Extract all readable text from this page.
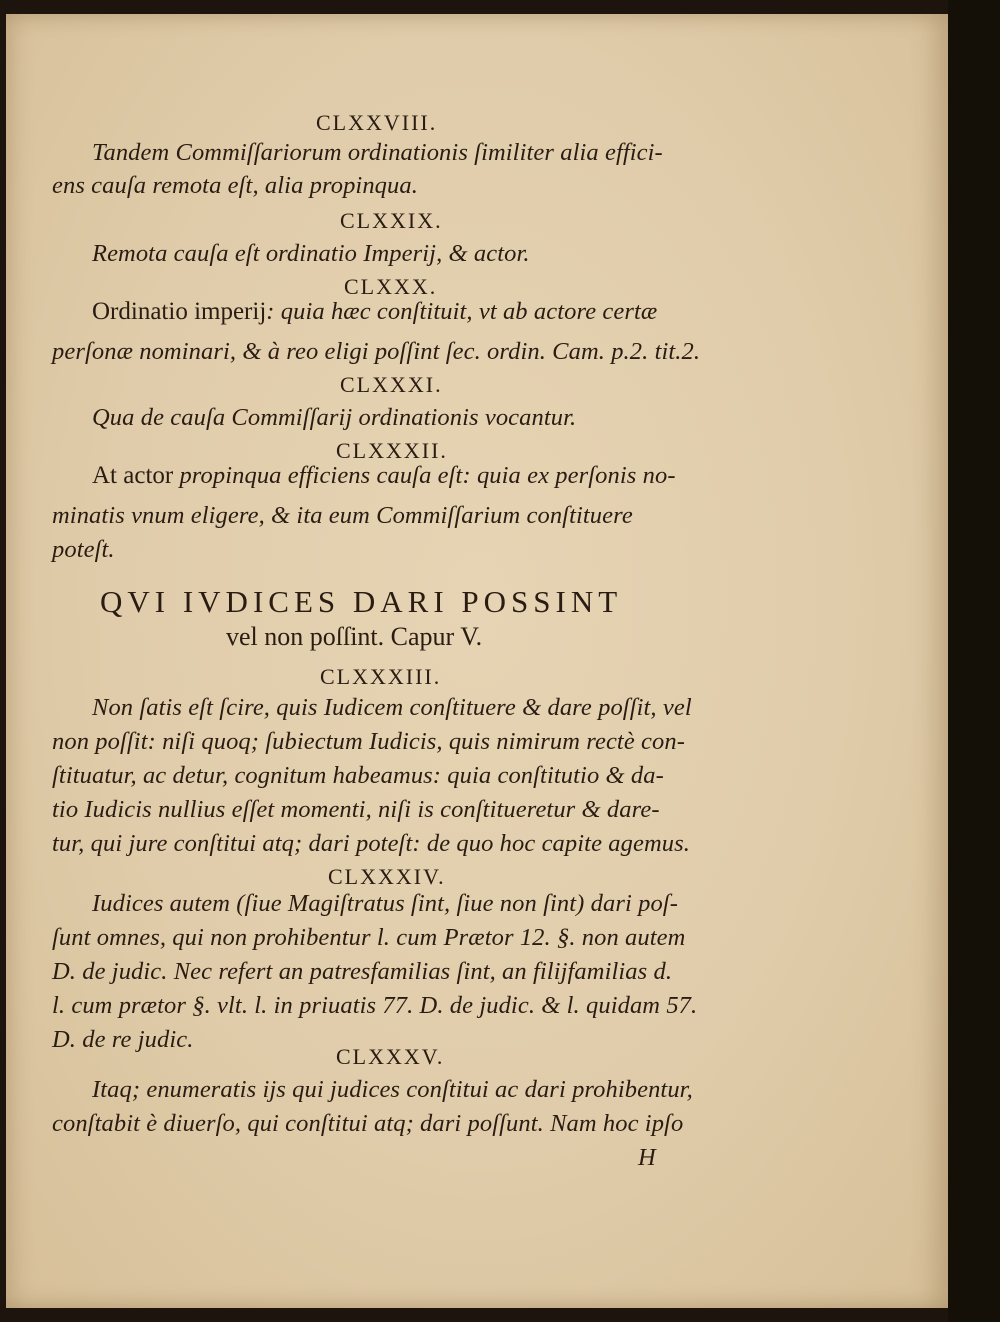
CLXXVIII.
Tandem Commiſſariorum ordinationis ſimiliter alia effici-
ens cauſa remota eſt, alia propinqua.
CLXXIX.
Remota cauſa eſt ordinatio Imperij, & actor.
CLXXX.
Ordinatio imperij: quia hæc conſtituit, vt ab actore certæ
perſonæ nominari, & à reo eligi poſſint ſec. ordin. Cam. p.2. tit.2.
CLXXXI.
Qua de cauſa Commiſſarij ordinationis vocantur.
CLXXXII.
At actor propinqua efficiens cauſa eſt: quia ex perſonis no-
minatis vnum eligere, & ita eum Commiſſarium conſtituere
poteſt.
QVI IVDICES DARI POSSINT
vel non poſſint. Capur V.
CLXXXIII.
Non ſatis eſt ſcire, quis Iudicem conſtituere & dare poſſit, vel
non poſſit: niſi quoq; ſubiectum Iudicis, quis nimirum rectè con-
ſtituatur, ac detur, cognitum habeamus: quia conſtitutio & da-
tio Iudicis nullius eſſet momenti, niſi is conſtitueretur & dare-
tur, qui jure conſtitui atq; dari poteſt: de quo hoc capite agemus.
CLXXXIV.
Iudices autem (ſiue Magiſtratus ſint, ſiue non ſint) dari poſ-
ſunt omnes, qui non prohibentur l. cum Prætor 12. §. non autem
D. de judic. Nec refert an patresfamilias ſint, an filijfamilias d.
l. cum prætor §. vlt. l. in priuatis 77. D. de judic. & l. quidam 57.
D. de re judic.
CLXXXV.
Itaq; enumeratis ijs qui judices conſtitui ac dari prohibentur,
conſtabit è diuerſo, qui conſtitui atq; dari poſſunt. Nam hoc ipſo
H
